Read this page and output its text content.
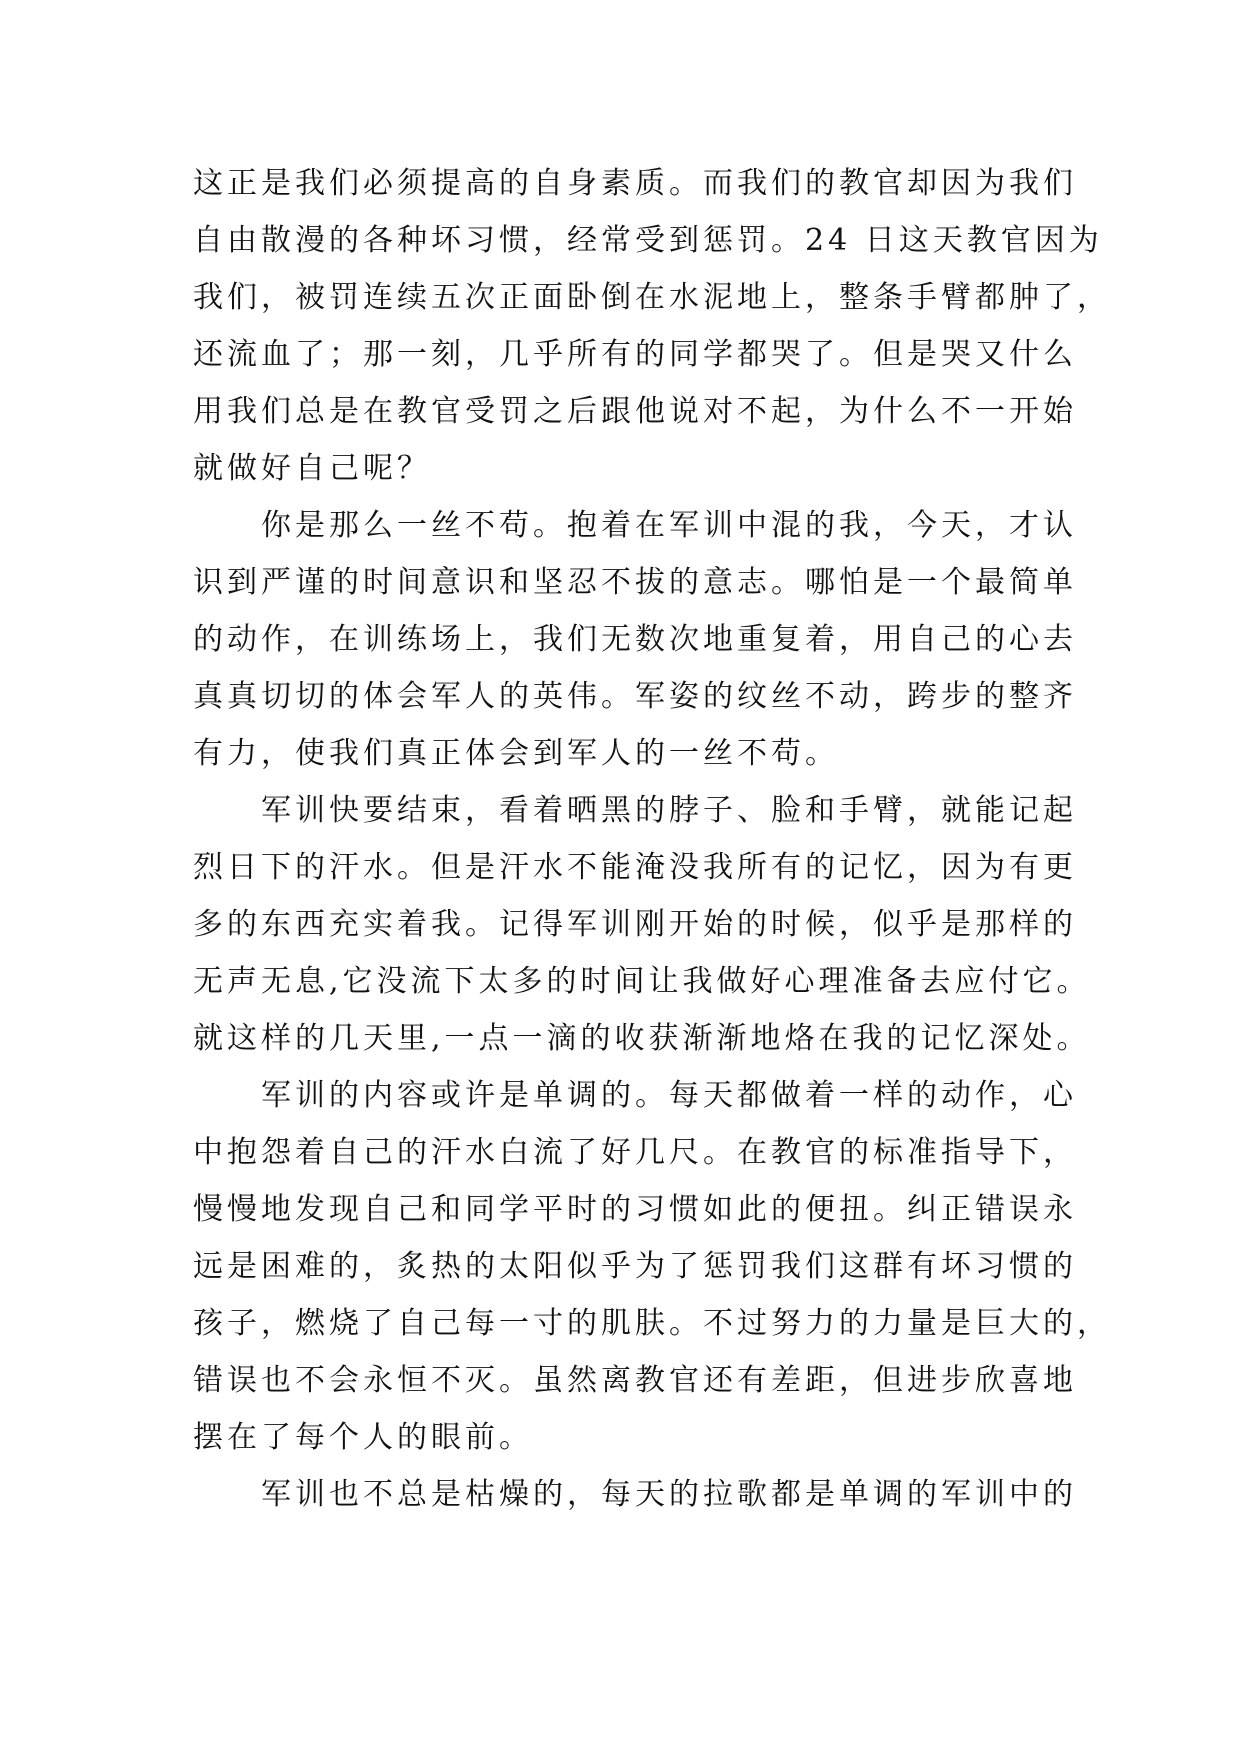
这正是我们必须提高的自身素质。而我们的教官却因为我们
自由散漫的各种坏习惯，经常受到惩罚。24 日这天教官因为
我们，被罚连续五次正面卧倒在水泥地上，整条手臂都肿了，
还流血了；那一刻，几乎所有的同学都哭了。但是哭又什么
用我们总是在教官受罚之后跟他说对不起，为什么不一开始
就做好自己呢？
你是那么一丝不苟。抱着在军训中混的我，今天，才认
识到严谨的时间意识和坚忍不拔的意志。哪怕是一个最简单
的动作，在训练场上，我们无数次地重复着，用自己的心去
真真切切的体会军人的英伟。军姿的纹丝不动，跨步的整齐
有力，使我们真正体会到军人的一丝不苟。
军训快要结束，看着晒黑的脖子、脸和手臂，就能记起
烈日下的汗水。但是汗水不能淹没我所有的记忆，因为有更
多的东西充实着我。记得军训刚开始的时候，似乎是那样的
无声无息,它没流下太多的时间让我做好心理准备去应付它。
就这样的几天里,一点一滴的收获渐渐地烙在我的记忆深处。
军训的内容或许是单调的。每天都做着一样的动作，心
中抱怨着自己的汗水白流了好几尺。在教官的标准指导下，
慢慢地发现自己和同学平时的习惯如此的便扭。纠正错误永
远是困难的，炙热的太阳似乎为了惩罚我们这群有坏习惯的
孩子，燃烧了自己每一寸的肌肤。不过努力的力量是巨大的，
错误也不会永恒不灭。虽然离教官还有差距，但进步欣喜地
摆在了每个人的眼前。
军训也不总是枯燥的，每天的拉歌都是单调的军训中的
